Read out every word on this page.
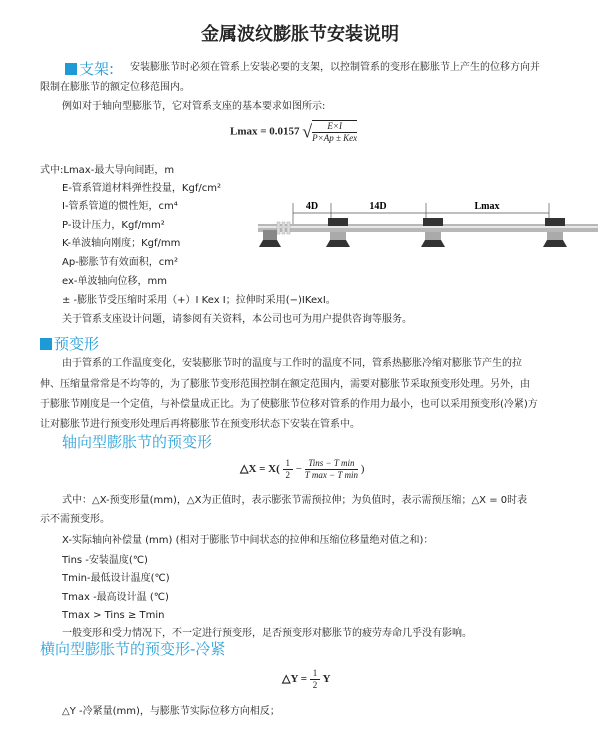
金属波纹膨胀节安装说明
支架: 安装膨胀节时必须在管系上安装必要的支架，以控制管系的变形在膨胀节上产生的位移方向并
限制在膨胀节的额定位移范围内。
例如对于轴向型膨胀节，它对管系支座的基本要求如图所示:
Lmax = 0.0157 √ $\frac{E\times I}{\text{P×Ap ± Kex}}$
式中:Lmax-最大导向间距，m
E-管系管道材料弹性投量，Kgf/cm²
I-管系管道的惯性矩，cm⁴
P-设计压力，Kgf/mm²
K-单波轴向刚度；Kgf/mm
Ap-膨胀节有效面积，cm²
ex-单波轴向位移，mm
± -膨胀节受压缩时采用（+）I Kex I；拉伸时采用(−)IKexI。
关于管系支座设计问题，请参阅有关资料，本公司也可为用户提供咨询等服务。
4D	14D	Lmax
预变形
由于管系的工作温度变化，安装膨胀节时的温度与工作时的温度不同，管系热膨胀冷缩对膨胀节产生的拉
伸、压缩量常常是不均等的，为了膨胀节变形范围控制在额定范围内，需要对膨胀节采取预变形处理。另外，由
于膨胀节刚度是一个定值，与补偿量成正比。为了使膨胀节位移对管系的作用力最小，也可以采用预变形(冷紧)方
让对膨胀节进行预变形处理后再将膨胀节在预变形状态下安装在管系中。
轴向型膨胀节的预变形
△X = $X( \frac{1}{2} - \frac{\text{Tins − T min}}{\text{T max − T min}}$ )
式中：△X-预变形量(mm)，△X为正值时，表示膨张节需预拉伸；为负值时，表示需预压缩；△X = 0时表
示不需预变形。
X-实际轴向补偿量 (mm) (相对于膨胀节中间状态的拉伸和压缩位移量绝对值之和)：
Tins -安装温度(℃)
Tmin-最低设计温度(℃)
Tmax -最高设计温 (℃)
Tmax > Tins ≥ Tmin
一般变形和受力情况下，不一定进行预变形，足否预变形对膨胀节的疲劳寿命几乎没有影响。
横向型膨胀节的预变形-冷紧
△Y = $\frac{1}{2}$ Y
△Y -冷紧量(mm)，与膨胀节实际位移方向相反；
